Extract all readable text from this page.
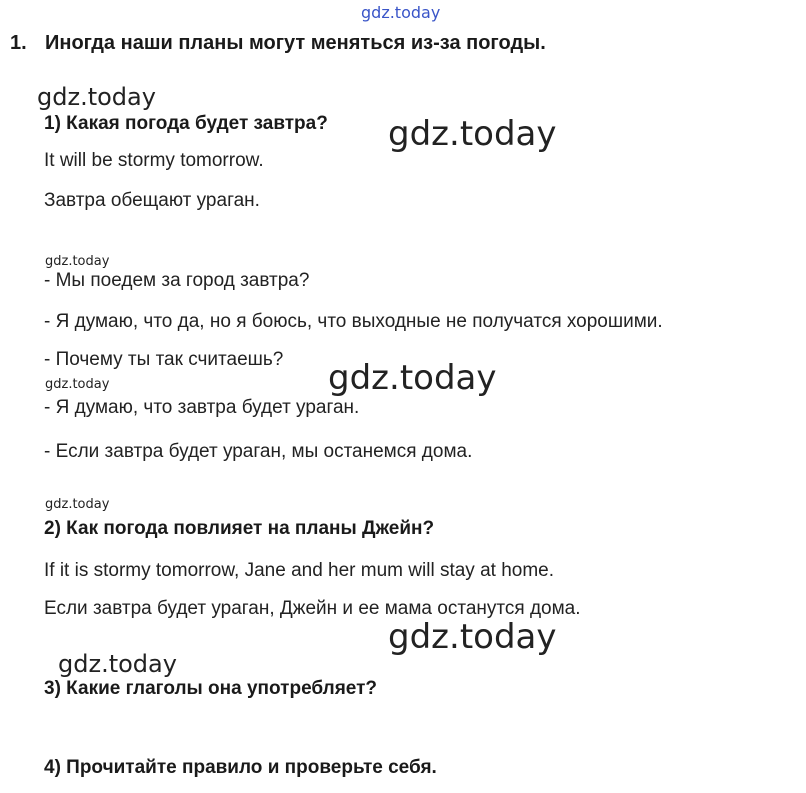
gdz.today
gdz.today
gdz.today
gdz.today
gdz.today
gdz.today
gdz.today
gdz.today
gdz.today
1. Иногда наши планы могут меняться из-за погоды.
1) Какая погода будет завтра?
It will be stormy tomorrow.
Завтра обещают ураган.
- Мы поедем за город завтра?
- Я думаю, что да, но я боюсь, что выходные не получатся хорошими.
- Почему ты так считаешь?
- Я думаю, что завтра будет ураган.
- Если завтра будет ураган, мы останемся дома.
2) Как погода повлияет на планы Джейн?
If it is stormy tomorrow, Jane and her mum will stay at home.
Если завтра будет ураган, Джейн и ее мама останутся дома.
3) Какие глаголы она употребляет?
4) Прочитайте правило и проверьте себя.
